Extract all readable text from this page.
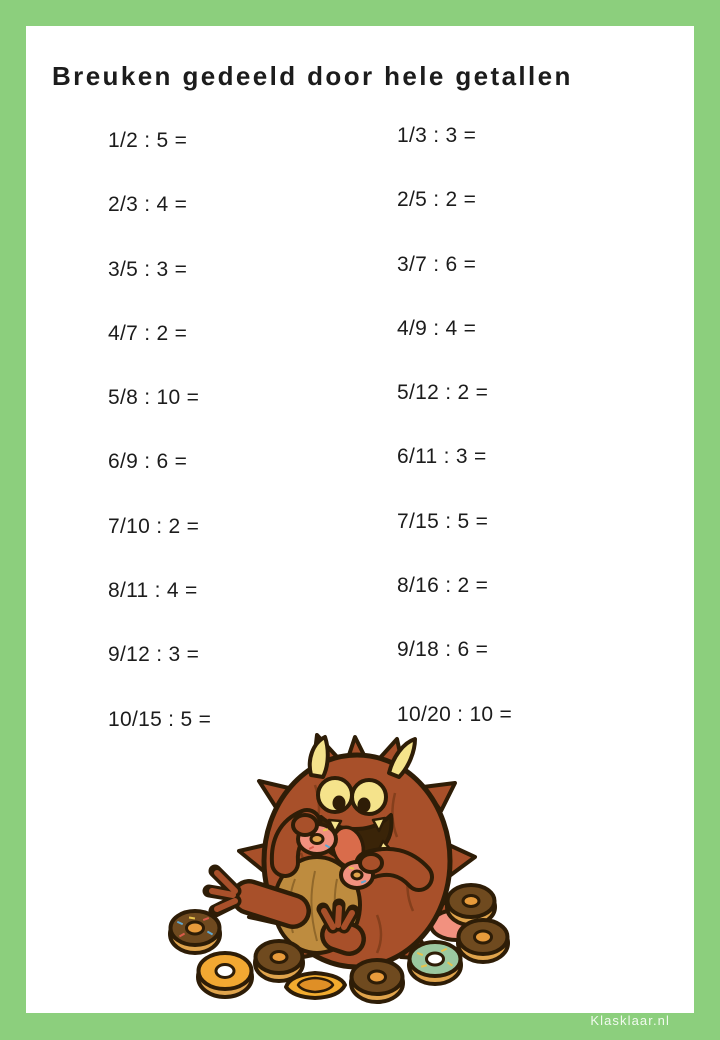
Breuken gedeeld door hele getallen
1/2 : 5 =
2/3 : 4 =
3/5 : 3 =
4/7 : 2 =
5/8 : 10 =
6/9 : 6 =
7/10 : 2 =
8/11 : 4 =
9/12 : 3 =
10/15 : 5 =
1/3 : 3 =
2/5 : 2 =
3/7 : 6 =
4/9 : 4 =
5/12 : 2 =
6/11 : 3 =
7/15 : 5 =
8/16 : 2 =
9/18 : 6 =
10/20 : 10 =
Klasklaar.nl
